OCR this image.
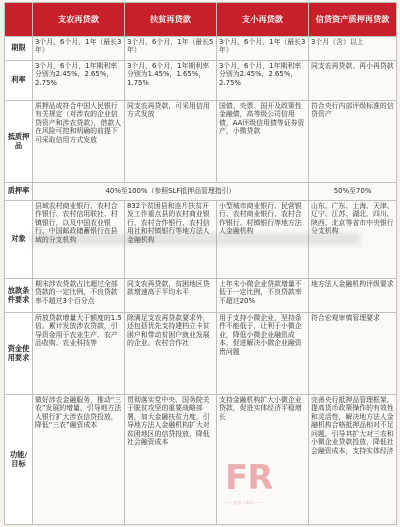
	支农再贷款	扶贫再贷款	支小再贷款	信贷资产质押再贷款
期限	3个月，6个月，1年（最长3年）	3个月，6个月，1年（最长5年）	3个月，6个月，1年（最长3年）	3个月（含）以上
利率	3个月，6个月，1年期利率分别为2.45%，2.65%，2.75%	3个月，6个月，1年期利率分别为1.45%，1.65%，1.75%	3个月，6个月，1年期利率分别为2.45%，2.65%，2.75%	同支农再贷款、再小再贷款
抵质押品	质押品或符合中国人民银行有关规定（对涉农的企业信贷资产和涉农贷款），借款人在风险可控和明确的前提下可采取信用方式发放	同支农再贷款，可采用信用方式发放	国债、央票、国开及政策性金融债，高等级公司信用债，AA评级信用债等证券资产，小微贷款	符合央行内部评级标准的信贷资产
质押率	40%至100%（参照SLF抵押品管理指引）			50%至70%
对象	县域农村商业银行、农村合作银行、农村信用联社、村镇银行，以及中国农业银行、中国邮政储蓄银行在县域的分支机构	832个贫困县和连片扶贫开发工作重点县的农村商业银行、农村合作银行、农村信用社和村镇银行等地方法人金融机构	小型城市商业银行、民营银行、农村商业银行、农村合作银行、村镇银行等地方法人金融机构	山东、广东、上海、天津、辽宁、江苏、湖北、四川、陕西、北京等省市中央银行分支机构
放款条件要求	期末涉农贷款占比超过全部贷款的一定比例，不良贷款率不超过3个百分点	同支农再贷款，贫困地区贷款增速高于平均水平	上年末小微企业贷款增量不低于一定比例，不良贷款率不超过20%	地方法人金融机构评级要求
资金使用要求	所放贷款增量大于额度的1.5倍。累计发放涉农贷款，引导资金用于农业生产、农产品收购、农业科技等	除满足支农再贷款要求外，还包括优先支持建档立卡贫困户和带动贫困户就业发展的企业、农村合作社	用于支持小微企业，坚持条件不能低于，让利于小微企业，降低小微企业融资成本，促进解决小微企业融资贵问题	符合宏观审慎管理要求
功能/目标	做好涉农金融服务，推动“三农”发展的增量，引导地方法人银行扩大涉农信贷投放，降低“三农”融资成本	贯彻落实党中央、国务院关于脱贫攻坚的重要战略部署，加大金融扶贫力度，引导地方法人金融机构扩大对贫困地区的信贷投放，降低社会融资成本	支持金融机构扩大小微企业贷款，促进实体经济平稳增长	完善央行抵押品管理框架，提高货币政策操作的有效性和灵活性，解决地方法人金融机构合格抵押品相对不足问题，引导其扩大对三农和小微企业贷款投放，降低社会融资成本，支持实体经济
FR
—— 金融二维码 ——
